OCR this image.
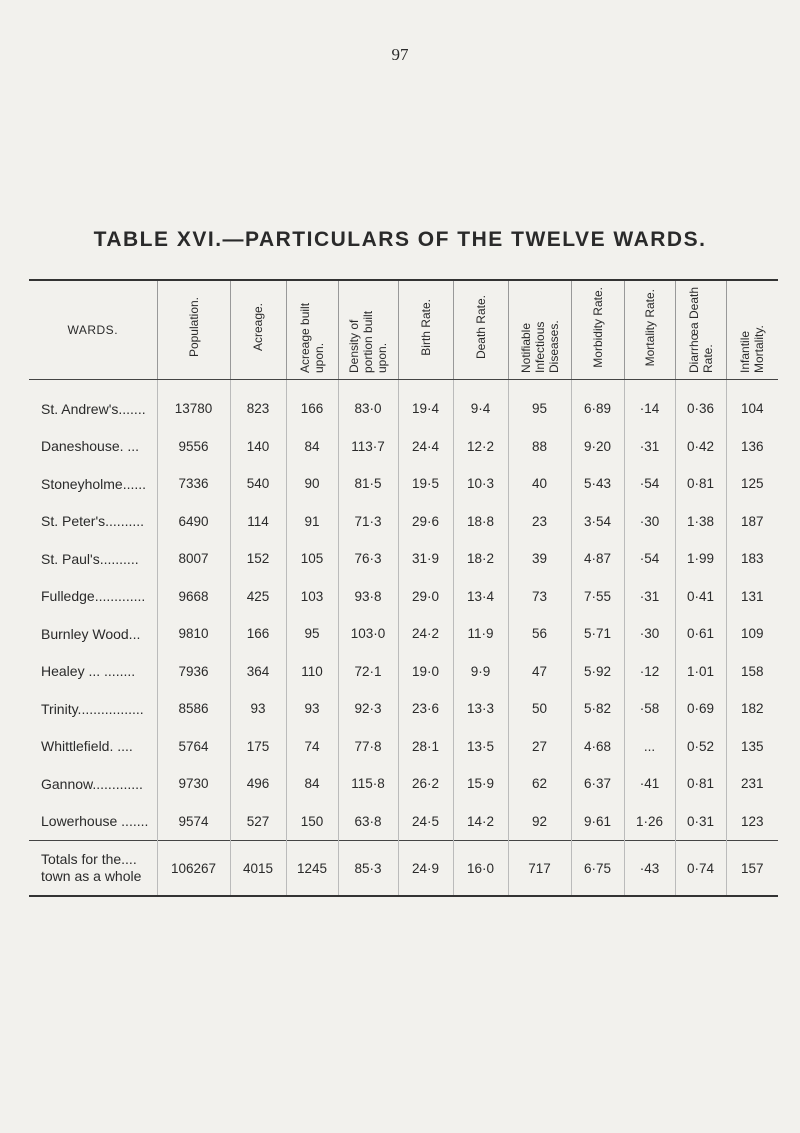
97
TABLE XVI.—PARTICULARS OF THE TWELVE WARDS.
WARDS.	Population.	Acreage.	Acreage built upon.	Density of portion built upon.	Birth Rate.	Death Rate.	Notifiable Infectious Diseases.	Morbidity Rate.	Mortality Rate.	Diarrhœa Death Rate.	Infantile Mortality.
St. Andrew's.......	13780	823	166	83·0	19·4	9·4	95	6·89	·14	0·36	104
Daneshouse. ...	9556	140	84	113·7	24·4	12·2	88	9·20	·31	0·42	136
Stoneyholme......	7336	540	90	81·5	19·5	10·3	40	5·43	·54	0·81	125
St. Peter's..........	6490	114	91	71·3	29·6	18·8	23	3·54	·30	1·38	187
St. Paul's..........	8007	152	105	76·3	31·9	18·2	39	4·87	·54	1·99	183
Fulledge.............	9668	425	103	93·8	29·0	13·4	73	7·55	·31	0·41	131
Burnley Wood...	9810	166	95	103·0	24·2	11·9	56	5·71	·30	0·61	109
Healey ... ........	7936	364	110	72·1	19·0	9·9	47	5·92	·12	1·01	158
Trinity.................	8586	93	93	92·3	23·6	13·3	50	5·82	·58	0·69	182
Whittlefield. ....	5764	175	74	77·8	28·1	13·5	27	4·68	...	0·52	135
Gannow.............	9730	496	84	115·8	26·2	15·9	62	6·37	·41	0·81	231
Lowerhouse .......	9574	527	150	63·8	24·5	14·2	92	9·61	1·26	0·31	123

Totals for the....
town as a whole	106267	4015	1245	85·3	24·9	16·0	717	6·75	·43	0·74	157
